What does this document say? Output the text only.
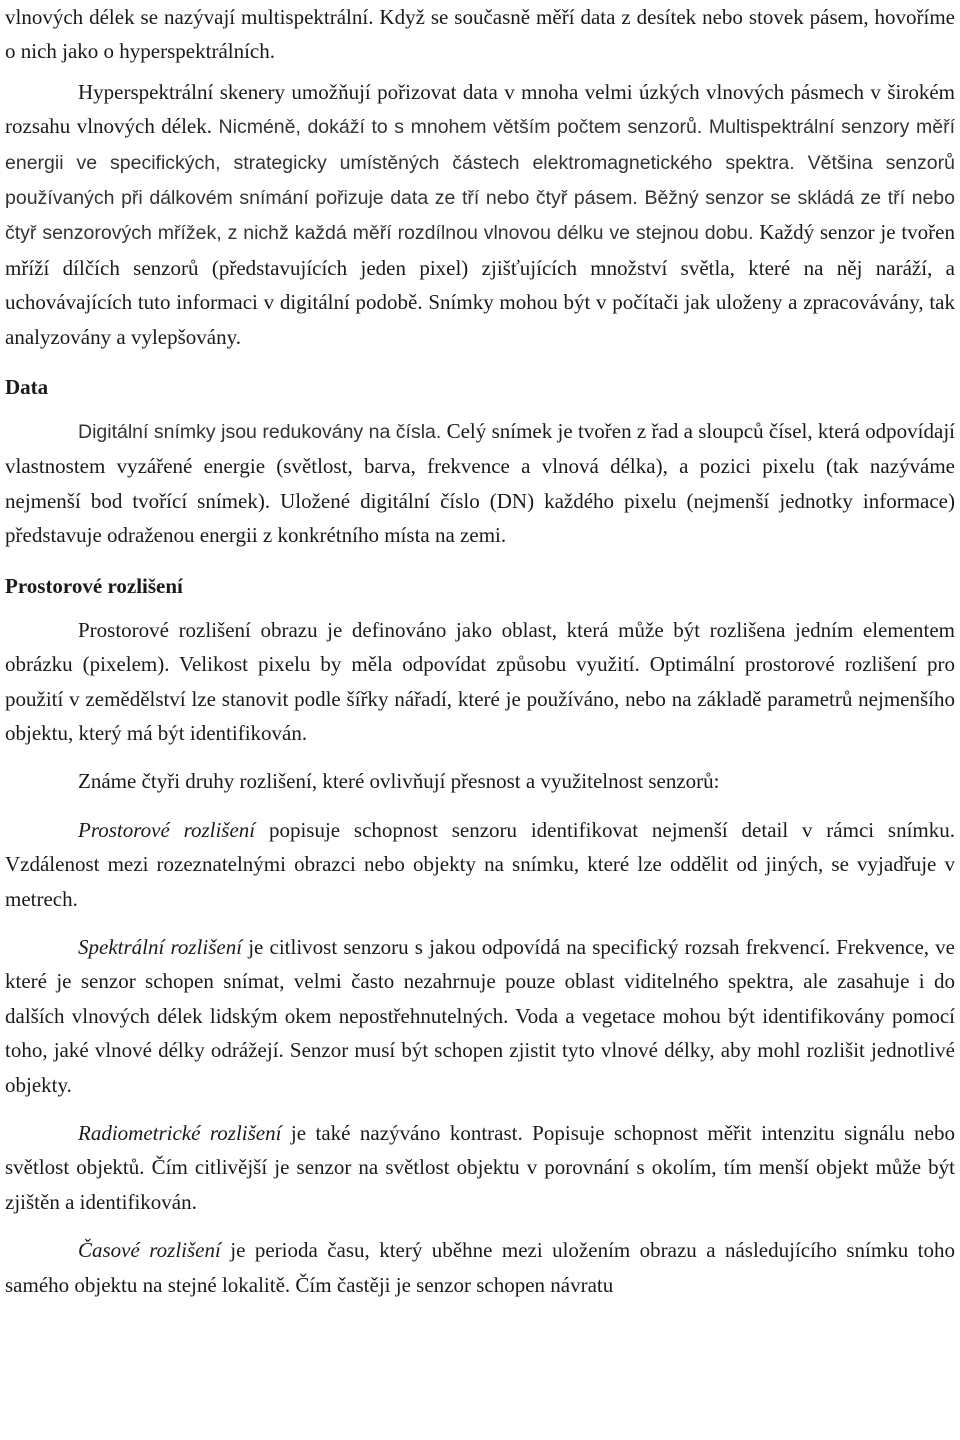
vlnových délek se nazývají multispektrální. Když se současně měří data z desítek nebo stovek pásem, hovoříme o nich jako o hyperspektrálních.

Hyperspektrální skenery umožňují pořizovat data v mnoha velmi úzkých vlnových pásmech v širokém rozsahu vlnových délek. Nicméně, dokáží to s mnohem větším počtem senzorů. Multispektrální senzory měří energii ve specifických, strategicky umístěných částech elektromagnetického spektra. Většina senzorů používaných při dálkovém snímání pořizuje data ze tří nebo čtyř pásem. Běžný senzor se skládá ze tří nebo čtyř senzorových mřížek, z nichž každá měří rozdílnou vlnovou délku ve stejnou dobu. Každý senzor je tvořen mříží dílčích senzorů (představujících jeden pixel) zjišťujících množství světla, které na něj naráží, a uchovávajících tuto informaci v digitální podobě. Snímky mohou být v počítači jak uloženy a zpracovávány, tak analyzovány a vylepšovány.

Data

Digitální snímky jsou redukovány na čísla. Celý snímek je tvořen z řad a sloupců čísel, která odpovídají vlastnostem vyzářené energie (světlost, barva, frekvence a vlnová délka), a pozici pixelu (tak nazýváme nejmenší bod tvořící snímek). Uložené digitální číslo (DN) každého pixelu (nejmenší jednotky informace) představuje odraženou energii z konkrétního místa na zemi.

Prostorové rozlišení

Prostorové rozlišení obrazu je definováno jako oblast, která může být rozlišena jedním elementem obrázku (pixelem). Velikost pixelu by měla odpovídat způsobu využití. Optimální prostorové rozlišení pro použití v zemědělství lze stanovit podle šířky nářadí, které je používáno, nebo na základě parametrů nejmenšího objektu, který má být identifikován.

Známe čtyři druhy rozlišení, které ovlivňují přesnost a využitelnost senzorů:

Prostorové rozlišení popisuje schopnost senzoru identifikovat nejmenší detail v rámci snímku. Vzdálenost mezi rozeznatelnými obrazci nebo objekty na snímku, které lze oddělit od jiných, se vyjadřuje v metrech.

Spektrální rozlišení je citlivost senzoru s jakou odpovídá na specifický rozsah frekvencí. Frekvence, ve které je senzor schopen snímat, velmi často nezahrnuje pouze oblast viditelného spektra, ale zasahuje i do dalších vlnových délek lidským okem nepostřehnutelných. Voda a vegetace mohou být identifikovány pomocí toho, jaké vlnové délky odrážejí. Senzor musí být schopen zjistit tyto vlnové délky, aby mohl rozlišit jednotlivé objekty.

Radiometrické rozlišení je také nazýváno kontrast. Popisuje schopnost měřit intenzitu signálu nebo světlost objektů. Čím citlivější je senzor na světlost objektu v porovnání s okolím, tím menší objekt může být zjištěn a identifikován.

Časové rozlišení je perioda času, který uběhne mezi uložením obrazu a následujícího snímku toho samého objektu na stejné lokalitě. Čím častěji je senzor schopen návratu
